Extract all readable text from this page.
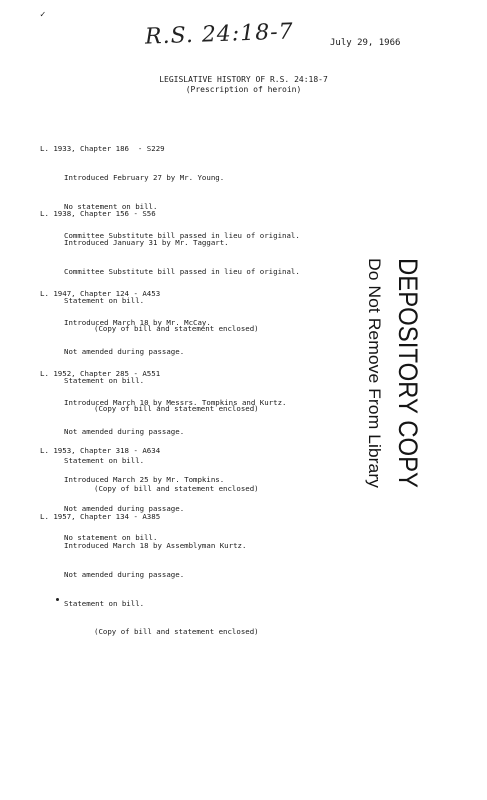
✓
R.S. 24:18-7	July 29, 1966
LEGISLATIVE HISTORY OF R.S. 24:18-7
(Prescription of heroin)

L. 1933, Chapter 186  - S229

Introduced February 27 by Mr. Young.

No statement on bill.

Committee Substitute bill passed in lieu of original.

L. 1938, Chapter 156 - S56

Introduced January 31 by Mr. Taggart.

Committee Substitute bill passed in lieu of original.

Statement on bill.

(Copy of bill and statement enclosed)

L. 1947, Chapter 124 - A453

Introduced March 18 by Mr. McCay.

Not amended during passage.

Statement on bill.

(Copy of bill and statement enclosed)

L. 1952, Chapter 285 - A551

Introduced March 10 by Messrs. Tompkins and Kurtz.

Not amended during passage.

Statement on bill.

(Copy of bill and statement enclosed)

L. 1953, Chapter 318 - A634

Introduced March 25 by Mr. Tompkins.

Not amended during passage.

No statement on bill.

L. 1957, Chapter 134 - A385

Introduced March 18 by Assemblyman Kurtz.

Not amended during passage.

Statement on bill.

(Copy of bill and statement enclosed)

DEPOSITORY COPY
Do Not Remove From Library
